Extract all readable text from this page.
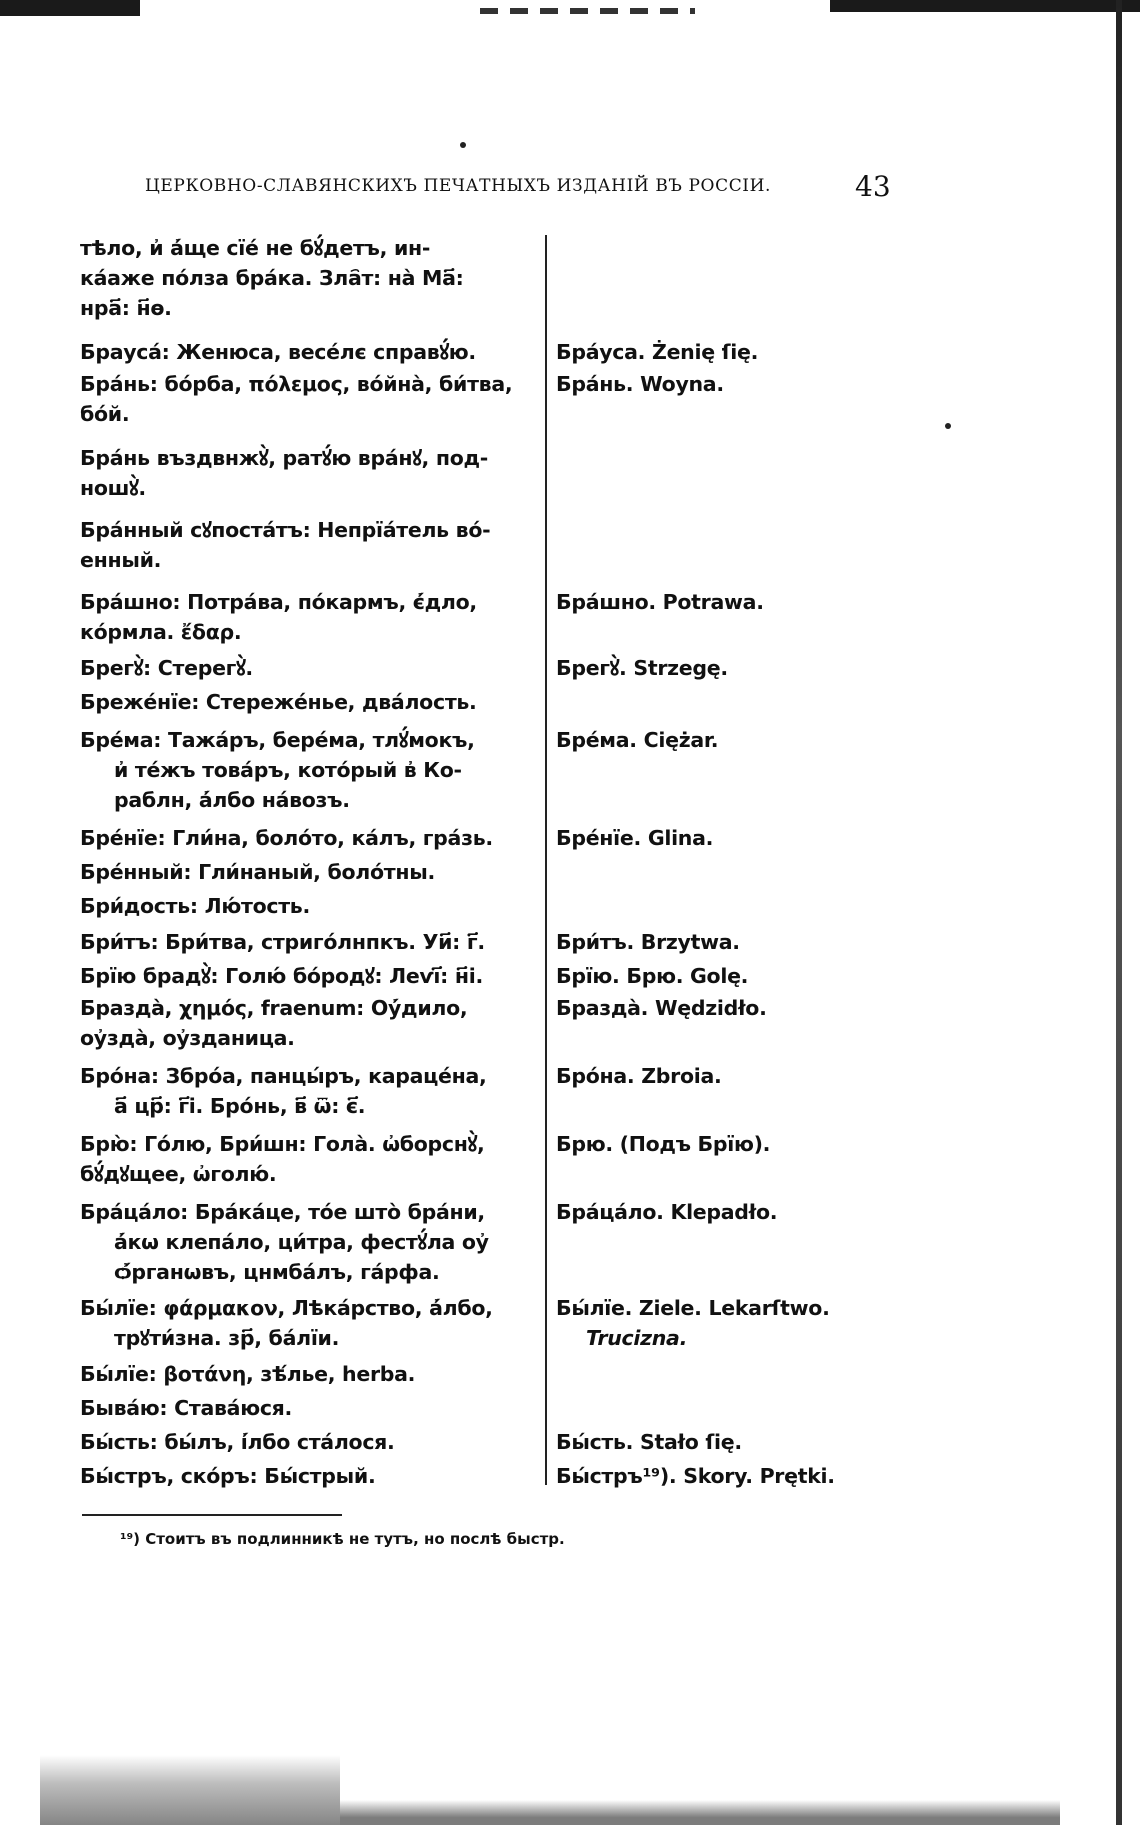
ЦЕРКОВНО-СЛАВЯНСКИХЪ ПЕЧАТНЫХЪ ИЗДАНІЙ ВЪ РОССІИ.	43
тѣло, и҆ а҆́ще сїе́ не бꙋ́детъ, ин-
ка́аже по́лза бра́ка. Зла҄т: на̀ Ма҃:
нра҃: н҃ѳ.
Брауса́: Женюса, весе́лє справꙋ́ю.
Бра́нь: бо́рба, πόλεμος, во́йна̀, би́тва,
бо́й.
Бра́нь въздвнжꙋ̀, ратꙋ́ю вра́нꙋ, под-
ношꙋ̀.
Бра́нный сꙋпоста́тъ: Непрїа́тель во́-
енный.
Бра́шно: Потра́ва, по́кармъ, є҆́дло,
ко́рмла. ἔδαρ.
Брегꙋ̀: Стерегꙋ̀.
Бреже́нїе: Стереже́нье, два́лость.
Бре́ма: Тажа́ръ, бере́ма, тлꙋ́мокъ,
и҆ те́жъ това́ръ, кото́рый в҆ Ко-
раблн, а҆́лбо на́возъ.
Бре́нїе: Гли́на, боло́то, ка́лъ, гра́зь.
Бре́нный: Гли́наный, боло́тны.
Бри́дость: Лю́тость.
Бри́тъ: Бри́тва, стриго́лнпкъ. Уи҃: г҃.
Брїю брадꙋ̀: Голю́ бо́родꙋ: Леѵі҃: н҃і.
Бразда̀, χημός, fraenum: Оу҆́дило,
оу҆зда̀, оу҆зданица.
Бро́на: Збро́а, панцы́ръ, караце́на,
а҃ цр҃: г҃і. Бро́нь, в҃ ѿ: є҃.
Брю̀: Го́лю, Бри́шн: Гола̀. ѡ҆борснꙋ̀,
бꙋ́дꙋщее, ѡ҆голю́.
Бра́ца́ло: Бра́ка́це, то́е што̀ бра́ни,
а҆́кѡ клепа́ло, ци́тра, фестꙋ́ла оу҆
ѻ҆́рганѡвъ, цнмба́лъ, га́рфа.
Бы́лїе: φάρμακον, Лѣка́рство, а҆́лбо,
трꙋти́зна. зр҃, ба́лїи.
Бы́лїе: βοτάνη, зѣ́лье, herba.
Быва́ю: Става́юся.
Бы́сть: бы́лъ, і҆́лбо ста́лося.
Бы́стръ, ско́ръ: Бы́стрый.
Бра́уса. Żenię ſię.
Бра́нь. Woyna.
Бра́шно. Potrawa.
Брегꙋ̀. Strzegę.
Бре́ма. Ciężar.
Бре́нїе. Glina.
Бри́тъ. Brzytwa.
Брїю. Брю. Golę.
Бразда̀. Wędzidło.
Бро́на. Zbroia.
Брю. (Подъ Брїю).
Бра́ца́ло. Klepadło.
Бы́лїе. Ziele. Lekarſtwo.
Trucizna.
Бы́сть. Stało ſię.
Бы́стръ¹⁹). Skory. Prętki.
¹⁹) Стоитъ въ подлинникѣ не тутъ, но послѣ быстр.
